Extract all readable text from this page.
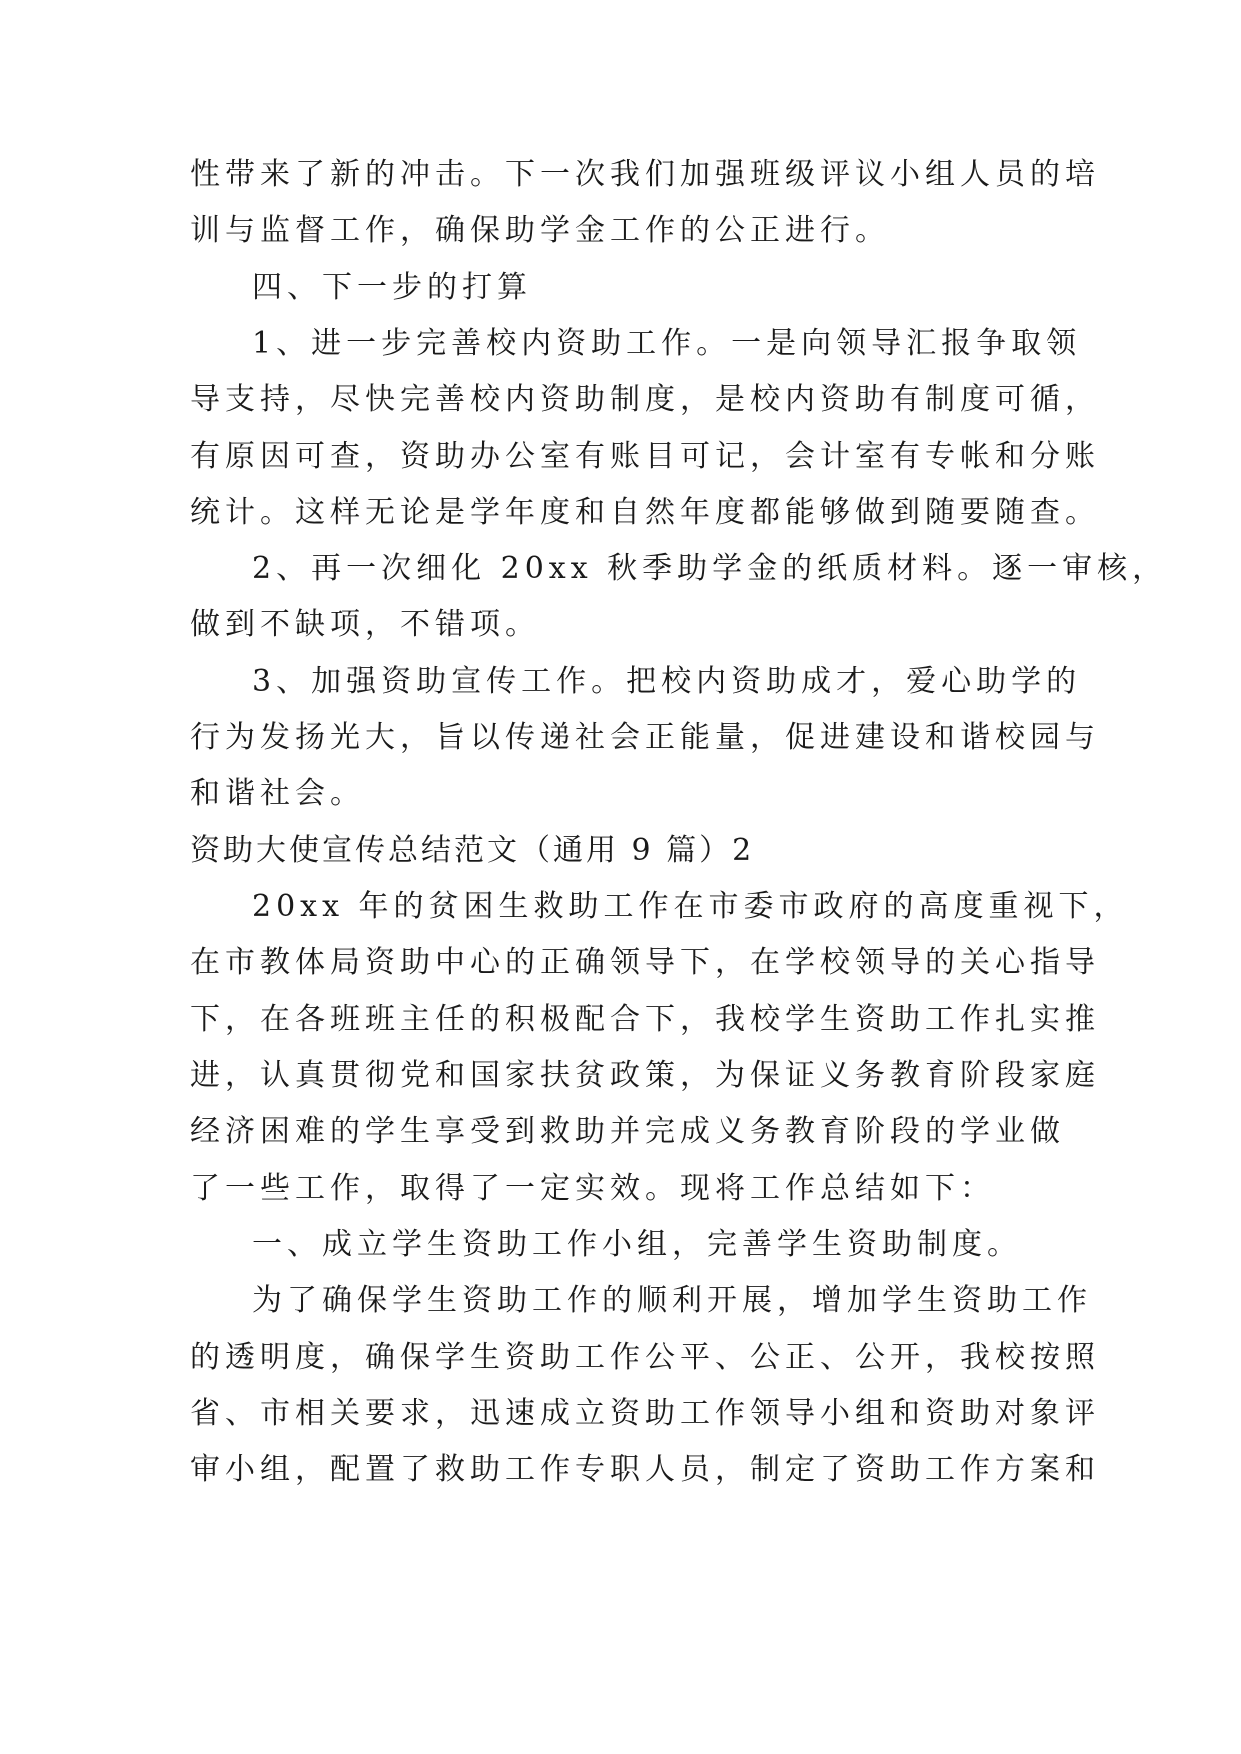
性带来了新的冲击。下一次我们加强班级评议小组人员的培
训与监督工作，确保助学金工作的公正进行。
四、下一步的打算
1、进一步完善校内资助工作。一是向领导汇报争取领
导支持，尽快完善校内资助制度，是校内资助有制度可循，
有原因可查，资助办公室有账目可记，会计室有专帐和分账
统计。这样无论是学年度和自然年度都能够做到随要随查。
2、再一次细化 20xx 秋季助学金的纸质材料。逐一审核，
做到不缺项，不错项。
3、加强资助宣传工作。把校内资助成才，爱心助学的
行为发扬光大，旨以传递社会正能量，促进建设和谐校园与
和谐社会。
资助大使宣传总结范文（通用 9 篇）2
20xx 年的贫困生救助工作在市委市政府的高度重视下，
在市教体局资助中心的正确领导下，在学校领导的关心指导
下，在各班班主任的积极配合下，我校学生资助工作扎实推
进，认真贯彻党和国家扶贫政策，为保证义务教育阶段家庭
经济困难的学生享受到救助并完成义务教育阶段的学业做
了一些工作，取得了一定实效。现将工作总结如下：
一、成立学生资助工作小组，完善学生资助制度。
为了确保学生资助工作的顺利开展，增加学生资助工作
的透明度，确保学生资助工作公平、公正、公开，我校按照
省、市相关要求，迅速成立资助工作领导小组和资助对象评
审小组，配置了救助工作专职人员，制定了资助工作方案和
